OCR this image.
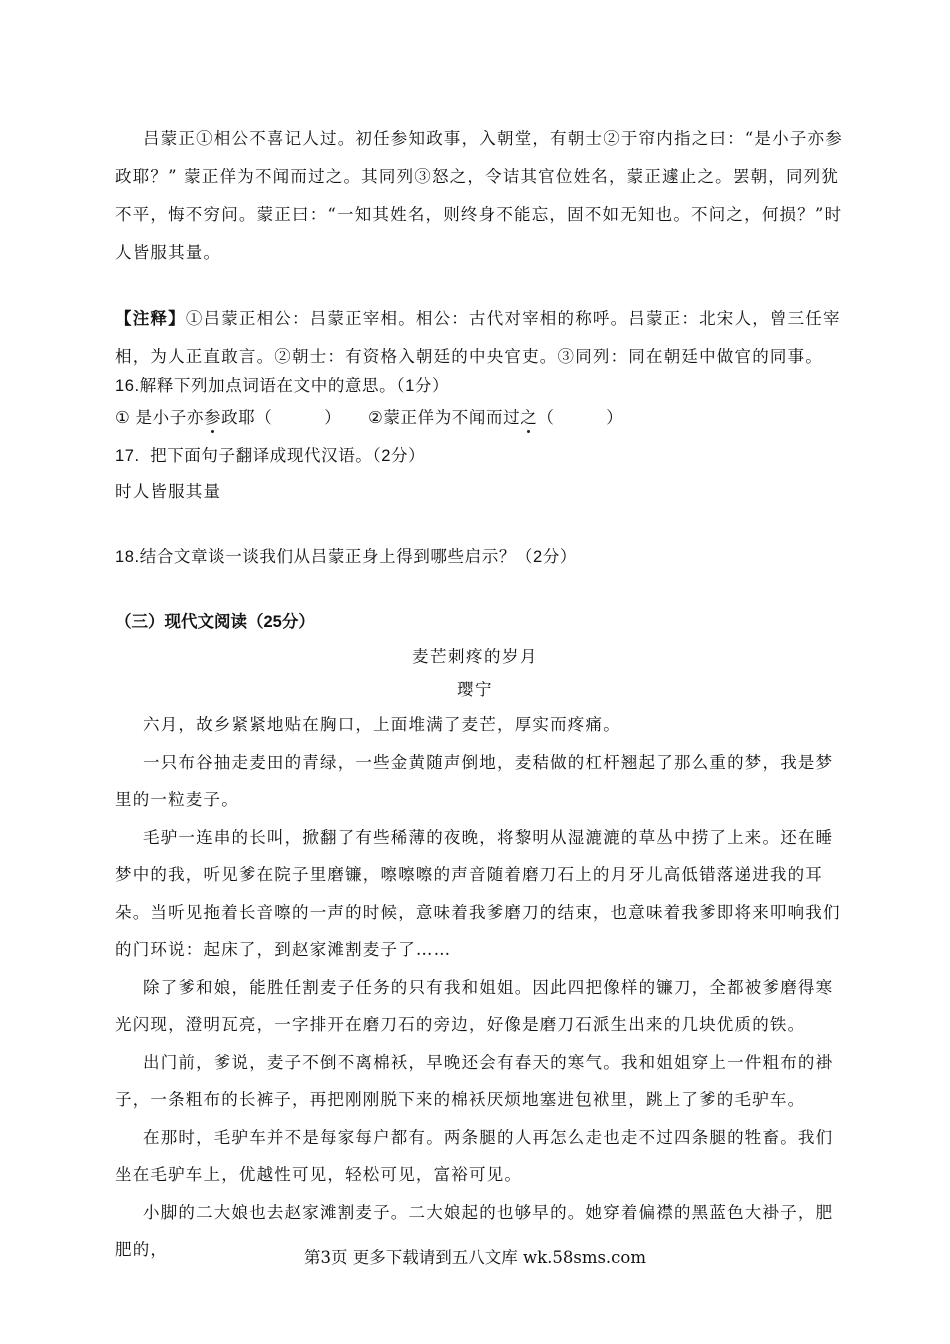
吕蒙正①相公不喜记人过。初任参知政事，入朝堂，有朝士②于帘内指之曰：“是小子亦参政耶？” 蒙正佯为不闻而过之。其同列③怒之，令诘其官位姓名，蒙正遽止之。罢朝，同列犹不平，悔不穷问。蒙正曰：“一知其姓名，则终身不能忘，固不如无知也。不问之，何损？”时人皆服其量。

【注释】①吕蒙正相公：吕蒙正宰相。相公：古代对宰相的称呼。吕蒙正：北宋人，曾三任宰相，为人正直敢言。②朝士：有资格入朝廷的中央官吏。③同列：同在朝廷中做官的同事。

16.解释下列加点词语在文中的意思。（1分）
① 是小子亦参政耶（          ） ②蒙正佯为不闻而过之（          ）
17.  把下面句子翻译成现代汉语。（2分）
时人皆服其量
18.结合文章谈一谈我们从吕蒙正身上得到哪些启示？（2分）
（三）现代文阅读（25分）
麦芒刺疼的岁月
璎宁

六月，故乡紧紧地贴在胸口，上面堆满了麦芒，厚实而疼痛。

一只布谷抽走麦田的青绿，一些金黄随声倒地，麦秸做的杠杆翘起了那么重的梦，我是梦里的一粒麦子。

毛驴一连串的长叫，掀翻了有些稀薄的夜晚，将黎明从湿漉漉的草丛中捞了上来。还在睡梦中的我，听见爹在院子里磨镰，嚓嚓嚓的声音随着磨刀石上的月牙儿高低错落递进我的耳朵。当听见拖着长音嚓的一声的时候，意味着我爹磨刀的结束，也意味着我爹即将来叩响我们的门环说：起床了，到赵家滩割麦子了……

除了爹和娘，能胜任割麦子任务的只有我和姐姐。因此四把像样的镰刀，全都被爹磨得寒光闪现，澄明瓦亮，一字排开在磨刀石的旁边，好像是磨刀石派生出来的几块优质的铁。

出门前，爹说，麦子不倒不离棉袄，早晚还会有春天的寒气。我和姐姐穿上一件粗布的褂子，一条粗布的长裤子，再把刚刚脱下来的棉袄厌烦地塞进包袱里，跳上了爹的毛驴车。

在那时，毛驴车并不是每家每户都有。两条腿的人再怎么走也走不过四条腿的牲畜。我们坐在毛驴车上，优越性可见，轻松可见，富裕可见。

小脚的二大娘也去赵家滩割麦子。二大娘起的也够早的。她穿着偏襟的黑蓝色大褂子，肥肥的，	第3页 更多下载请到五八文库 wk.58sms.com
